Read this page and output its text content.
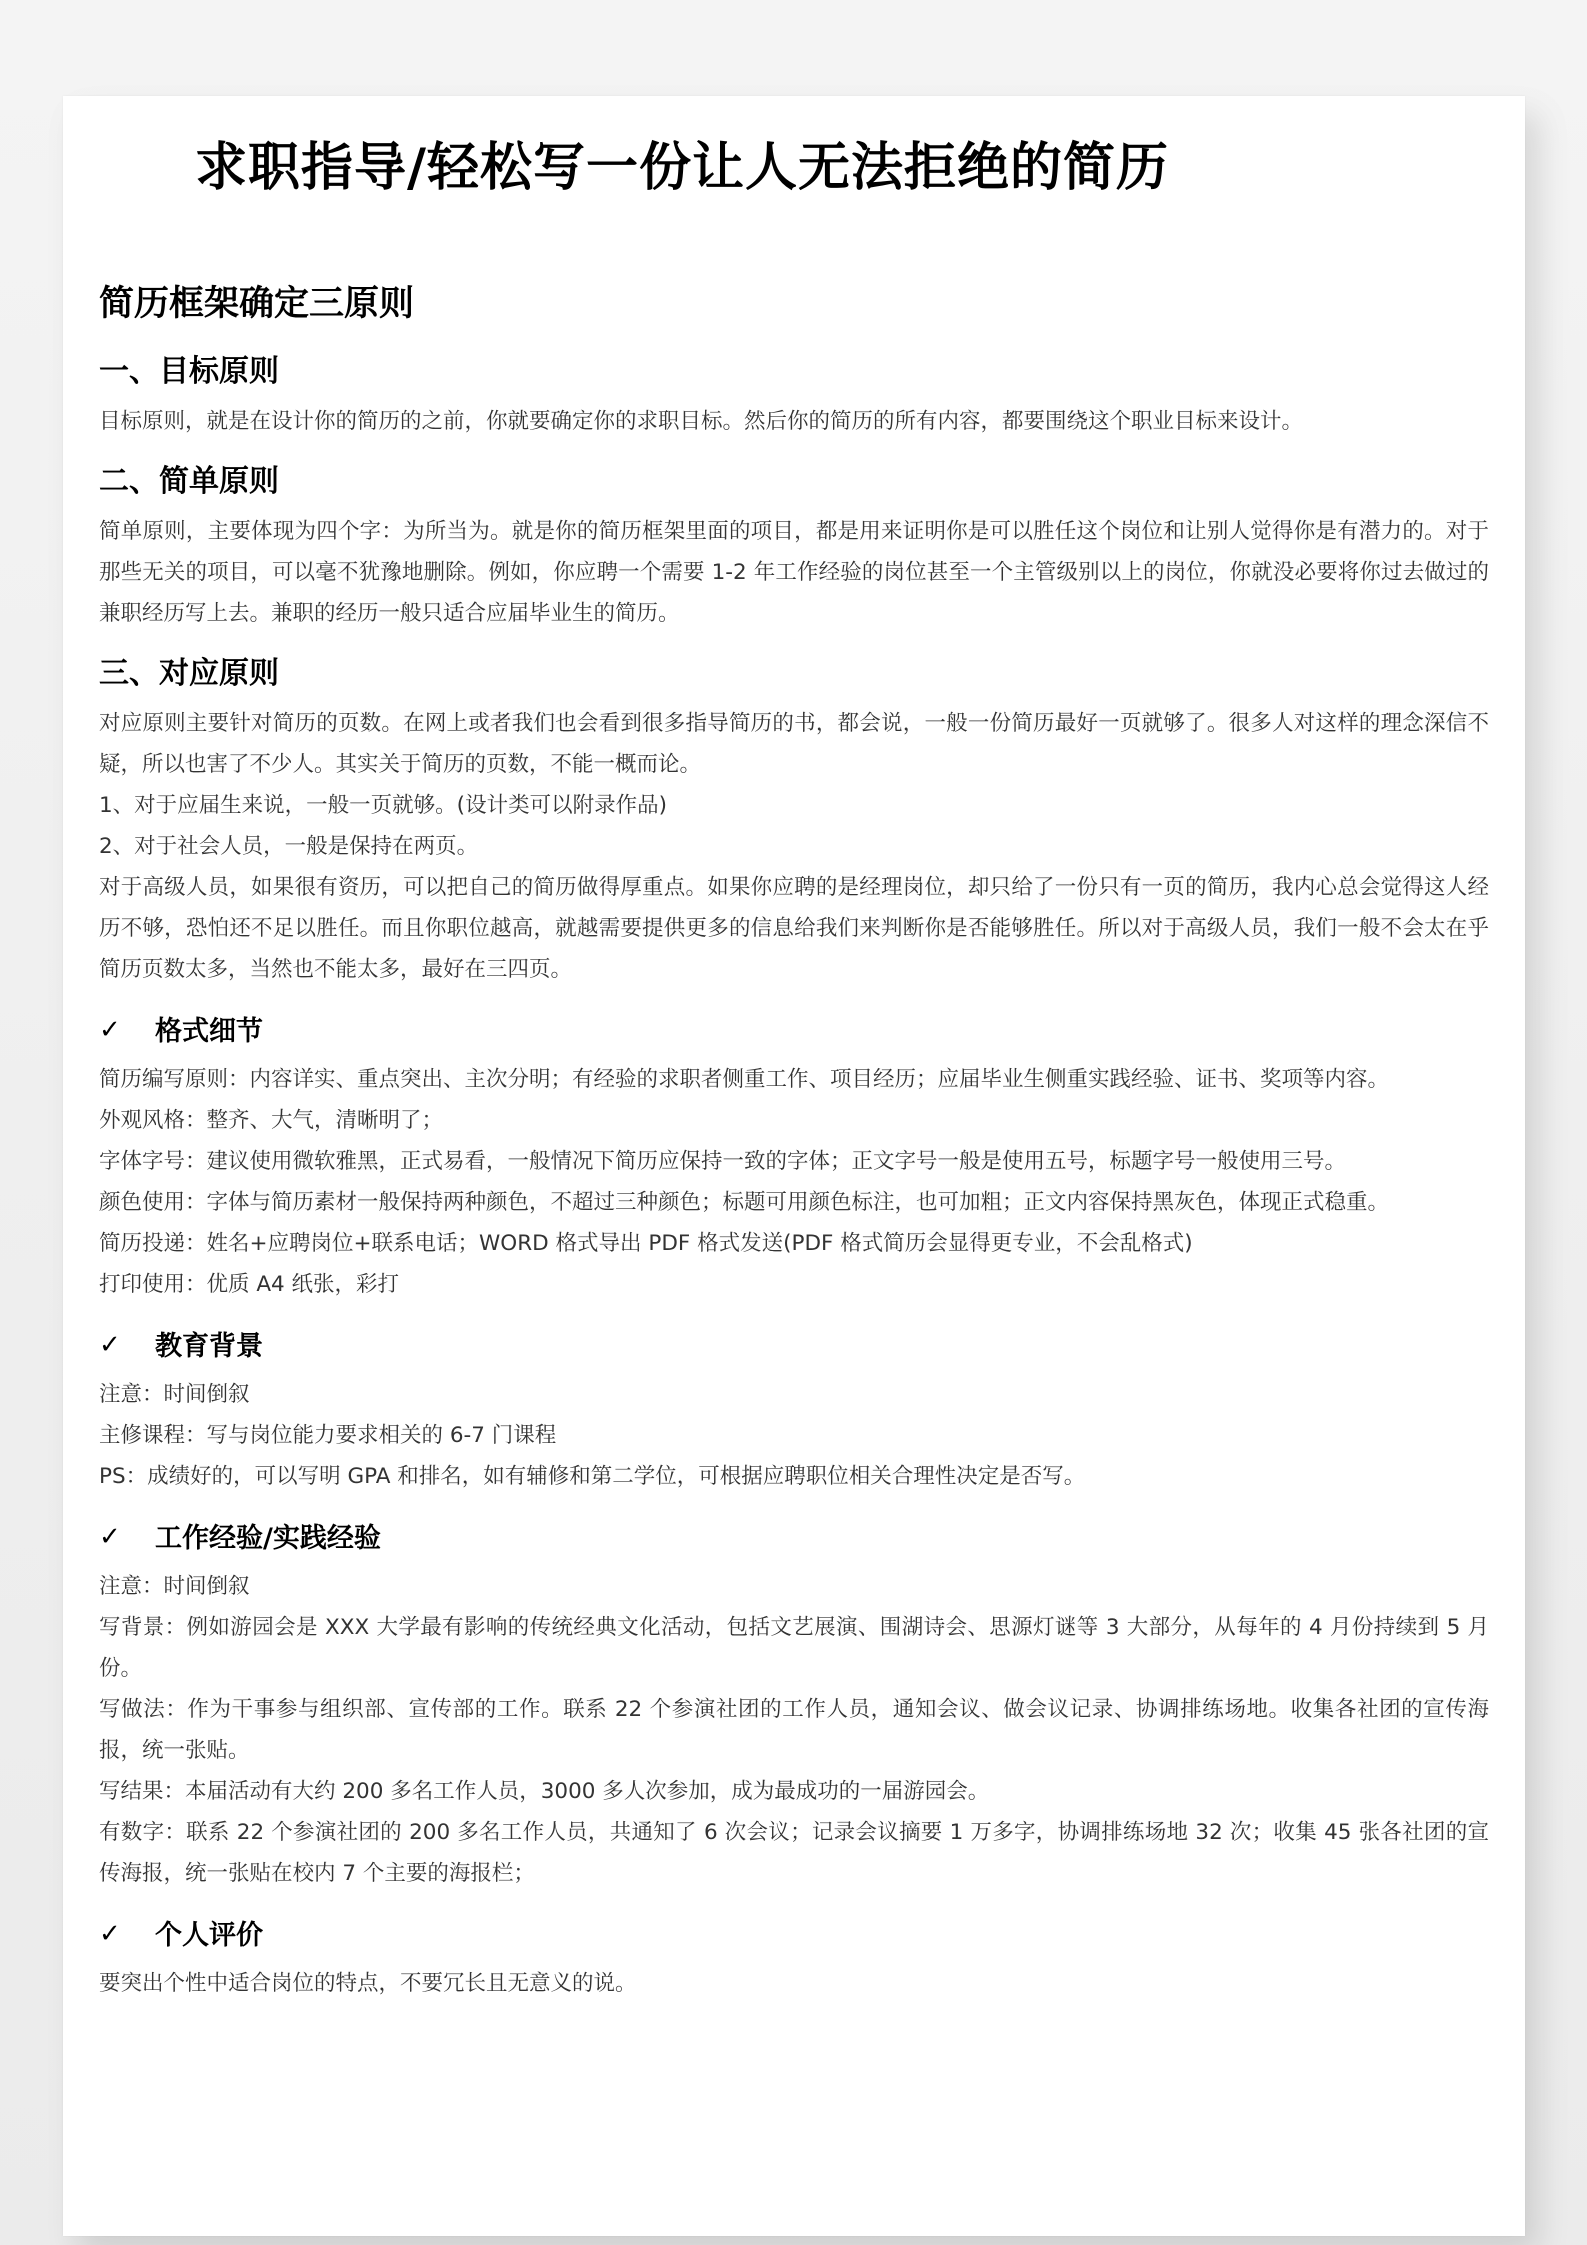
求职指导/轻松写一份让人无法拒绝的简历
简历框架确定三原则
一、目标原则

目标原则，就是在设计你的简历的之前，你就要确定你的求职目标。然后你的简历的所有内容，都要围绕这个职业目标来设计。

二、简单原则

简单原则，主要体现为四个字：为所当为。就是你的简历框架里面的项目，都是用来证明你是可以胜任这个岗位和让别人觉得你是有潜力的。对于那些无关的项目，可以毫不犹豫地删除。例如，你应聘一个需要 1-2 年工作经验的岗位甚至一个主管级别以上的岗位，你就没必要将你过去做过的兼职经历写上去。兼职的经历一般只适合应届毕业生的简历。

三、对应原则

对应原则主要针对简历的页数。在网上或者我们也会看到很多指导简历的书，都会说，一般一份简历最好一页就够了。很多人对这样的理念深信不疑，所以也害了不少人。其实关于简历的页数，不能一概而论。

1、对于应届生来说，一般一页就够。(设计类可以附录作品)

2、对于社会人员，一般是保持在两页。

对于高级人员，如果很有资历，可以把自己的简历做得厚重点。如果你应聘的是经理岗位，却只给了一份只有一页的简历，我内心总会觉得这人经历不够，恐怕还不足以胜任。而且你职位越高，就越需要提供更多的信息给我们来判断你是否能够胜任。所以对于高级人员，我们一般不会太在乎简历页数太多，当然也不能太多，最好在三四页。

✓	格式细节

简历编写原则：内容详实、重点突出、主次分明；有经验的求职者侧重工作、项目经历；应届毕业生侧重实践经验、证书、奖项等内容。

外观风格：整齐、大气，清晰明了；

字体字号：建议使用微软雅黑，正式易看，一般情况下简历应保持一致的字体；正文字号一般是使用五号，标题字号一般使用三号。

颜色使用：字体与简历素材一般保持两种颜色，不超过三种颜色；标题可用颜色标注，也可加粗；正文内容保持黑灰色，体现正式稳重。

简历投递：姓名+应聘岗位+联系电话；WORD 格式导出 PDF 格式发送(PDF 格式简历会显得更专业，不会乱格式)

打印使用：优质 A4 纸张，彩打

✓	教育背景

注意：时间倒叙

主修课程：写与岗位能力要求相关的 6-7 门课程

PS：成绩好的，可以写明 GPA 和排名，如有辅修和第二学位，可根据应聘职位相关合理性决定是否写。

✓	工作经验/实践经验

注意：时间倒叙

写背景：例如游园会是 XXX 大学最有影响的传统经典文化活动，包括文艺展演、围湖诗会、思源灯谜等 3 大部分，从每年的 4 月份持续到 5 月份。

写做法：作为干事参与组织部、宣传部的工作。联系 22 个参演社团的工作人员，通知会议、做会议记录、协调排练场地。收集各社团的宣传海报，统一张贴。

写结果：本届活动有大约 200 多名工作人员，3000 多人次参加，成为最成功的一届游园会。

有数字：联系 22 个参演社团的 200 多名工作人员，共通知了 6 次会议；记录会议摘要 1 万多字，协调排练场地 32 次；收集 45 张各社团的宣传海报，统一张贴在校内 7 个主要的海报栏；

✓	个人评价

要突出个性中适合岗位的特点，不要冗长且无意义的说。
